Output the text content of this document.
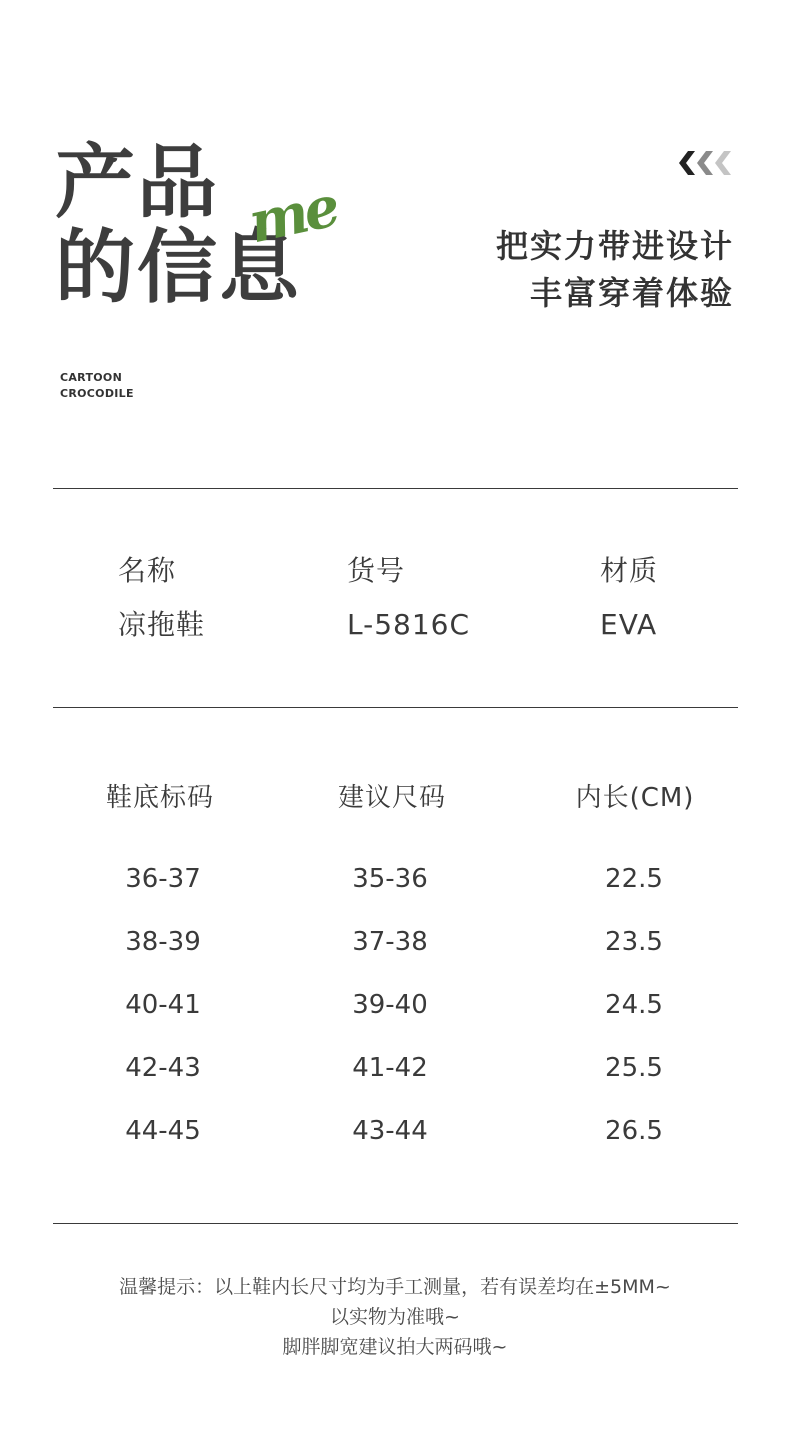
产品
的信息
me
CARTOON
CROCODILE
把实力带进设计
丰富穿着体验
名称	货号	材质
凉拖鞋	L-5816C	EVA
鞋底标码	建议尺码	内长(CM)
36-37	35-36	22.5
38-39	37-38	23.5
40-41	39-40	24.5
42-43	41-42	25.5
44-45	43-44	26.5
温馨提示：以上鞋内长尺寸均为手工测量，若有误差均在±5MM~
以实物为准哦~
脚胖脚宽建议拍大两码哦~
